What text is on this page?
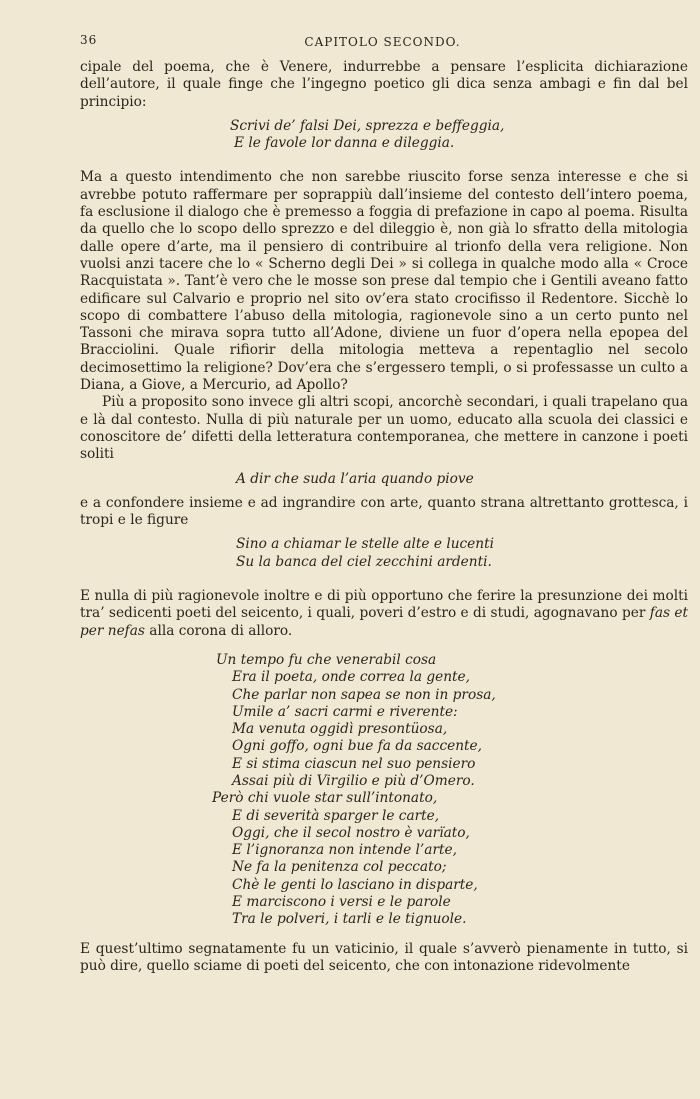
36	CAPITOLO SECONDO.

cipale del poema, che è Venere, indurrebbe a pensare l’esplicita dichiarazione dell’autore, il quale finge che l’ingegno poetico gli dica senza ambagi e fin dal bel principio:

Scrivi de’ falsi Dei, sprezza e beffeggia,
E le favole lor danna e dileggia.

Ma a questo intendimento che non sarebbe riuscito forse senza interesse e che si avrebbe potuto raffermare per soprappiù dall’insieme del contesto dell’intero poema, fa esclusione il dialogo che è premesso a foggia di prefazione in capo al poema. Risulta da quello che lo scopo dello sprezzo e del dileggio è, non già lo sfratto della mitologia dalle opere d’arte, ma il pensiero di contribuire al trionfo della vera religione. Non vuolsi anzi tacere che lo « Scherno degli Dei » si collega in qualche modo alla « Croce Racquistata ». Tant’è vero che le mosse son prese dal tempio che i Gentili aveano fatto edificare sul Calvario e proprio nel sito ov’era stato crocifisso il Redentore. Sicchè lo scopo di combattere l’abuso della mitologia, ragionevole sino a un certo punto nel Tassoni che mirava sopra tutto all’Adone, diviene un fuor d’opera nella epopea del Bracciolini. Quale rifiorir della mitologia metteva a repentaglio nel secolo decimosettimo la religione? Dov’era che s’ergessero templi, o si professasse un culto a Diana, a Giove, a Mercurio, ad Apollo?

Più a proposito sono invece gli altri scopi, ancorchè secondari, i quali trapelano qua e là dal contesto. Nulla di più naturale per un uomo, educato alla scuola dei classici e conoscitore de’ difetti della letteratura contemporanea, che mettere in canzone i poeti soliti

A dir che suda l’aria quando piove

e a confondere insieme e ad ingrandire con arte, quanto strana altrettanto grottesca, i tropi e le figure

Sino a chiamar le stelle alte e lucenti
Su la banca del ciel zecchini ardenti.

E nulla di più ragionevole inoltre e di più opportuno che ferire la presunzione dei molti tra’ sedicenti poeti del seicento, i quali, poveri d’estro e di studi, agognavano per fas et per nefas alla corona di alloro.

Un tempo fu che venerabil cosa
Era il poeta, onde correa la gente,
Che parlar non sapea se non in prosa,
Umile a’ sacri carmi e riverente:
Ma venuta oggidì presontüosa,
Ogni goffo, ogni bue fa da saccente,
E si stima ciascun nel suo pensiero
Assai più di Virgilio e più d’Omero.
Però chi vuole star sull’intonato,
E di severità sparger le carte,
Oggi, che il secol nostro è varïato,
E l’ignoranza non intende l’arte,
Ne fa la penitenza col peccato;
Chè le genti lo lasciano in disparte,
E marciscono i versi e le parole
Tra le polveri, i tarli e le tignuole.

E quest’ultimo segnatamente fu un vaticinio, il quale s’avverò pienamente in tutto, si può dire, quello sciame di poeti del seicento, che con intonazione ridevolmente
